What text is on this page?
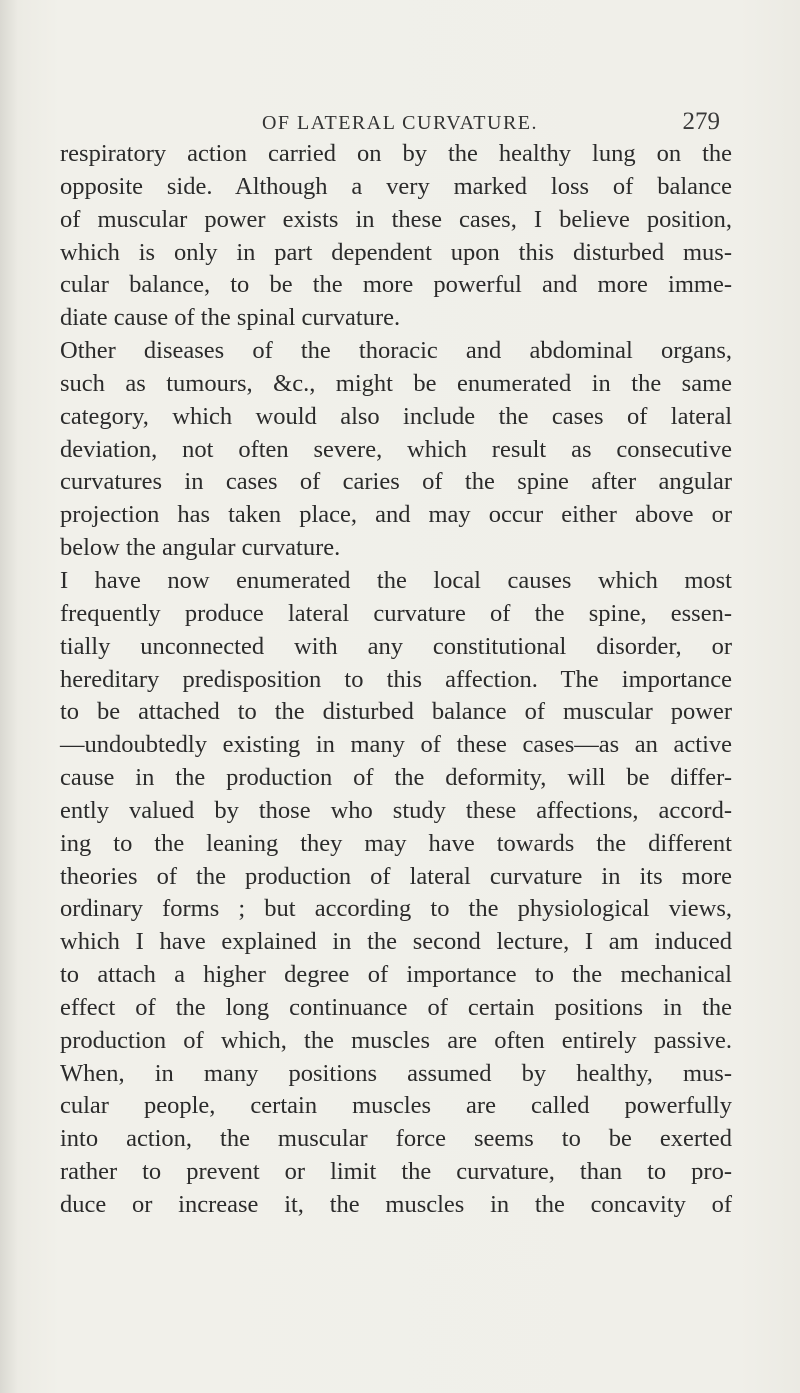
OF LATERAL CURVATURE.	279
respiratory action carried on by the healthy lung on the
opposite side. Although a very marked loss of balance
of muscular power exists in these cases, I believe position,
which is only in part dependent upon this disturbed mus-
cular balance, to be the more powerful and more imme-
diate cause of the spinal curvature.
Other diseases of the thoracic and abdominal organs,
such as tumours, &c., might be enumerated in the same
category, which would also include the cases of lateral
deviation, not often severe, which result as consecutive
curvatures in cases of caries of the spine after angular
projection has taken place, and may occur either above or
below the angular curvature.
I have now enumerated the local causes which most
frequently produce lateral curvature of the spine, essen-
tially unconnected with any constitutional disorder, or
hereditary predisposition to this affection. The importance
to be attached to the disturbed balance of muscular power
—undoubtedly existing in many of these cases—as an active
cause in the production of the deformity, will be differ-
ently valued by those who study these affections, accord-
ing to the leaning they may have towards the different
theories of the production of lateral curvature in its more
ordinary forms ; but according to the physiological views,
which I have explained in the second lecture, I am induced
to attach a higher degree of importance to the mechanical
effect of the long continuance of certain positions in the
production of which, the muscles are often entirely passive.
When, in many positions assumed by healthy, mus-
cular people, certain muscles are called powerfully
into action, the muscular force seems to be exerted
rather to prevent or limit the curvature, than to pro-
duce or increase it, the muscles in the concavity of
